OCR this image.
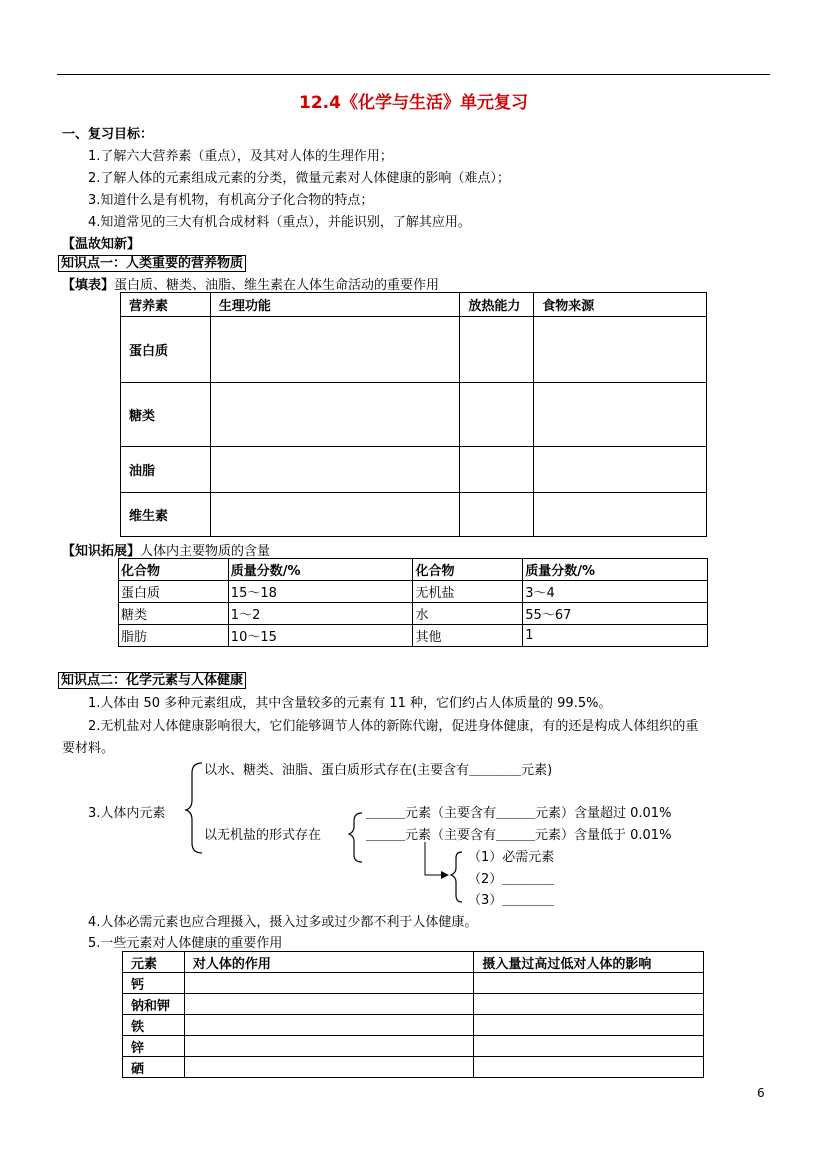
12.4《化学与生活》单元复习
一、复习目标：
1.了解六大营养素（重点），及其对人体的生理作用；
2.了解人体的元素组成元素的分类，微量元素对人体健康的影响（难点）；
3.知道什么是有机物，有机高分子化合物的特点；
4.知道常见的三大有机合成材料（重点），并能识别，了解其应用。
【温故知新】
知识点一：人类重要的营养物质
【填表】蛋白质、糖类、油脂、维生素在人体生命活动的重要作用
营养素	生理功能	放热能力	食物来源
蛋白质			
糖类			
油脂			
维生素			
【知识拓展】人体内主要物质的含量
化合物	质量分数/%	化合物	质量分数/%
蛋白质	15～18	无机盐	3～4
糖类	1～2	水	55～67
脂肪	10～15	其他	1
知识点二：化学元素与人体健康
1.人体由 50 多种元素组成，其中含量较多的元素有 11 种，它们约占人体质量的 99.5%。
2.无机盐对人体健康影响很大，它们能够调节人体的新陈代谢，促进身体健康，有的还是构成人体组织的重
要材料。
以水、糖类、油脂、蛋白质形式存在(主要含有＿＿＿＿元素)
3.人体内元素
以无机盐的形式存在
＿＿＿元素（主要含有＿＿＿元素）含量超过 0.01%
＿＿＿元素（主要含有＿＿＿元素）含量低于 0.01%
（1）必需元素
（2）＿＿＿＿
（3）＿＿＿＿
4.人体必需元素也应合理摄入，摄入过多或过少都不利于人体健康。
5.一些元素对人体健康的重要作用
元素	对人体的作用	摄入量过高过低对人体的影响
钙		
钠和钾		
铁		
锌		
硒		
6
